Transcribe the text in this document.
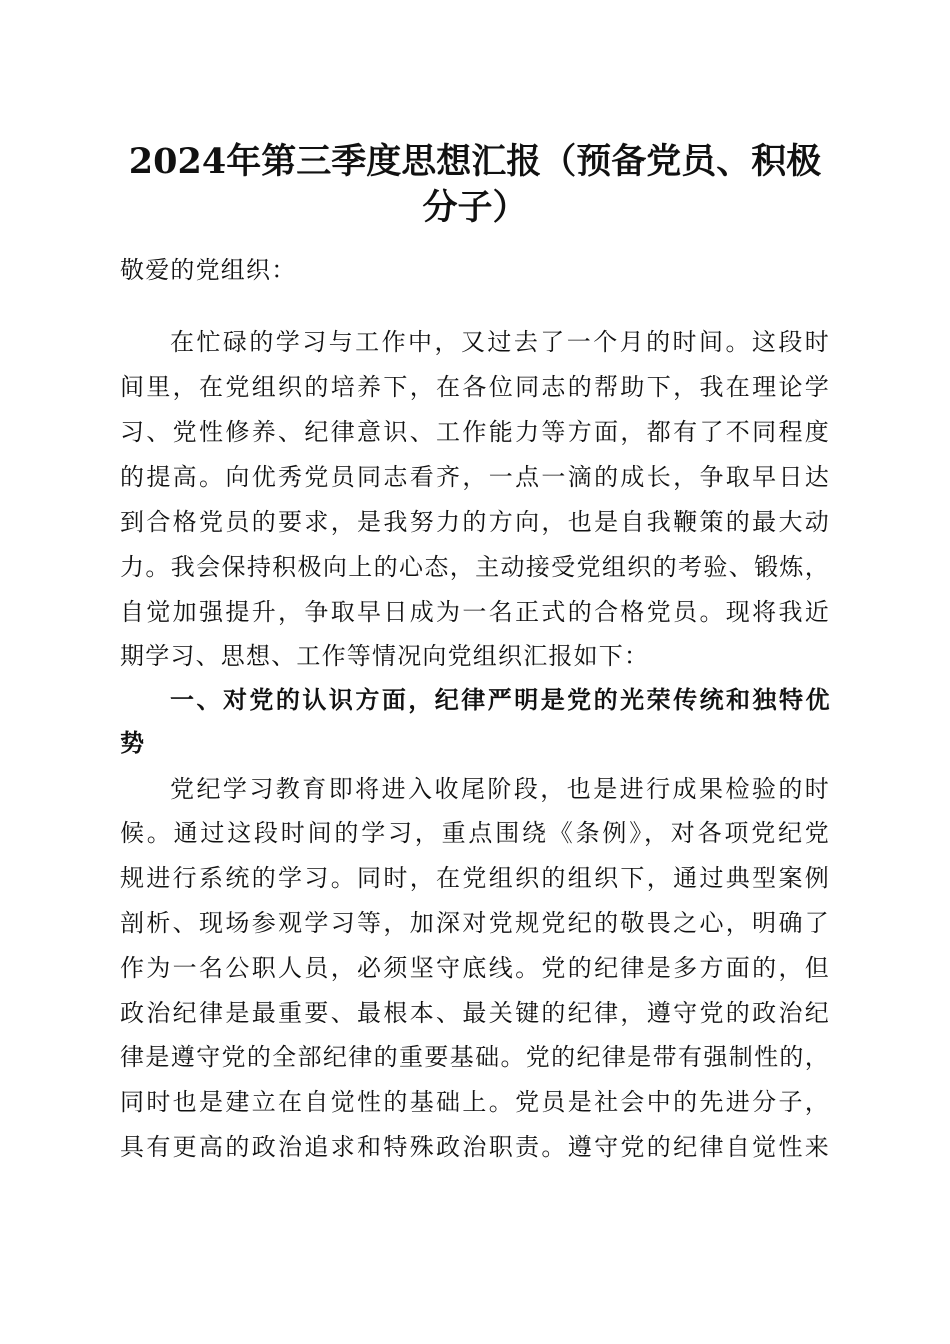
2024年第三季度思想汇报（预备党员、积极
分子）
敬爱的党组织：
在忙碌的学习与工作中，又过去了一个月的时间。这段时
间里，在党组织的培养下，在各位同志的帮助下，我在理论学
习、党性修养、纪律意识、工作能力等方面，都有了不同程度
的提高。向优秀党员同志看齐，一点一滴的成长，争取早日达
到合格党员的要求，是我努力的方向，也是自我鞭策的最大动
力。我会保持积极向上的心态，主动接受党组织的考验、锻炼，
自觉加强提升，争取早日成为一名正式的合格党员。现将我近
期学习、思想、工作等情况向党组织汇报如下：
一、对党的认识方面，纪律严明是党的光荣传统和独特优
势
党纪学习教育即将进入收尾阶段，也是进行成果检验的时
候。通过这段时间的学习，重点围绕《条例》，对各项党纪党
规进行系统的学习。同时，在党组织的组织下，通过典型案例
剖析、现场参观学习等，加深对党规党纪的敬畏之心，明确了
作为一名公职人员，必须坚守底线。党的纪律是多方面的，但
政治纪律是最重要、最根本、最关键的纪律，遵守党的政治纪
律是遵守党的全部纪律的重要基础。党的纪律是带有强制性的，
同时也是建立在自觉性的基础上。党员是社会中的先进分子，
具有更高的政治追求和特殊政治职责。遵守党的纪律自觉性来
